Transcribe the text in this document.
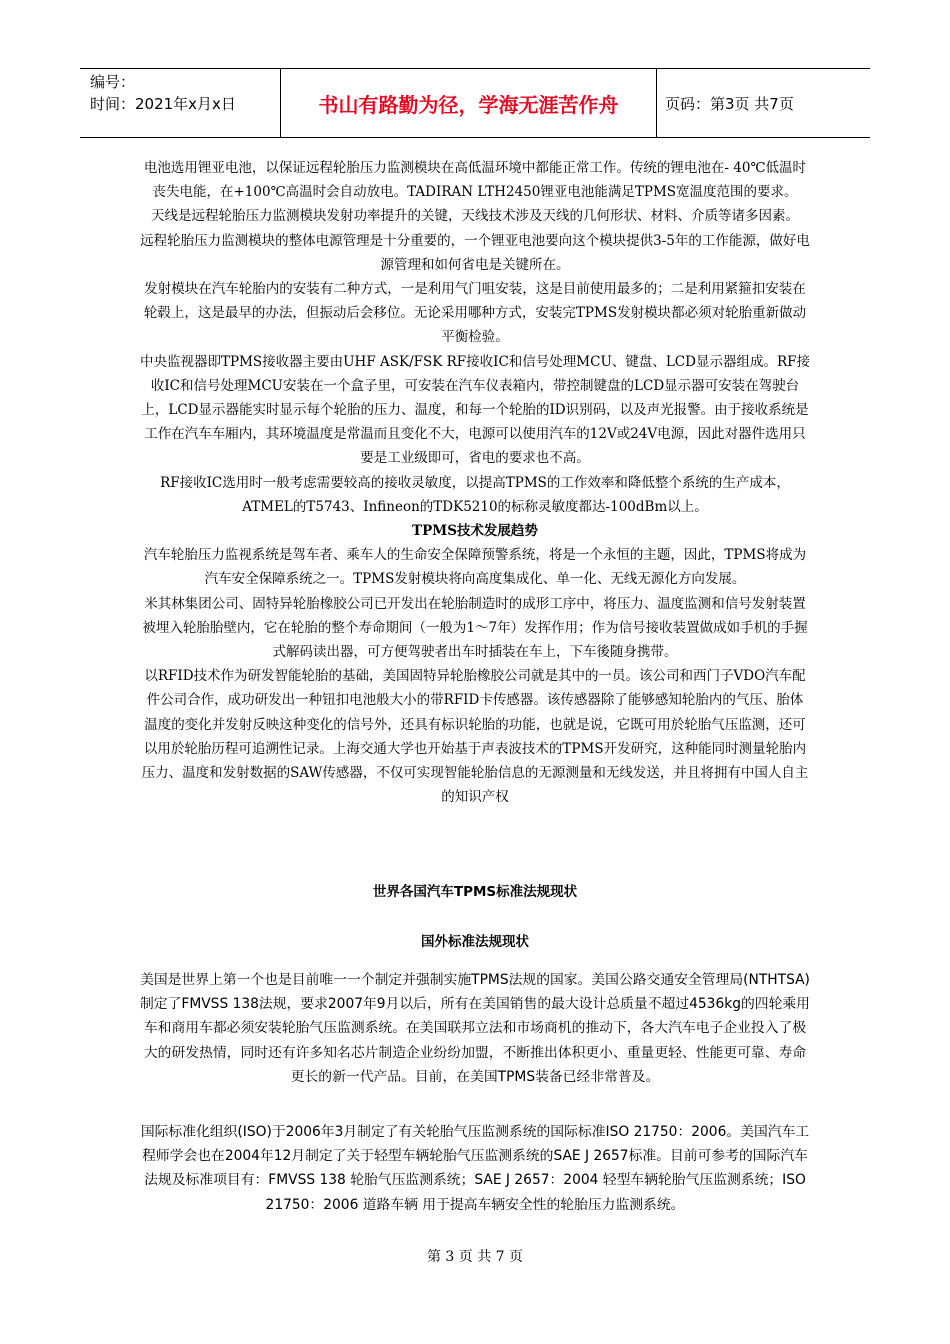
编号：
时间：2021年x月x日	书山有路勤为径，学海无涯苦作舟	页码：第3页 共7页

电池选用锂亚电池，以保证远程轮胎压力监测模块在高低温环境中都能正常工作。传统的锂电池在- 40℃低温时丧失电能，在+100℃高温时会自动放电。TADIRAN LTH2450锂亚电池能满足TPMS宽温度范围的要求。

天线是远程轮胎压力监测模块发射功率提升的关键，天线技术涉及天线的几何形状、材料、介质等诸多因素。

远程轮胎压力监测模块的整体电源管理是十分重要的，一个锂亚电池要向这个模块提供3-5年的工作能源，做好电源管理和如何省电是关键所在。

发射模块在汽车轮胎内的安装有二种方式，一是利用气门咀安装，这是目前使用最多的；二是利用紧箍扣安装在轮毂上，这是最早的办法，但振动后会移位。无论采用哪种方式，安装完TPMS发射模块都必须对轮胎重新做动平衡检验。

中央监视器即TPMS接收器主要由UHF ASK/FSK RF接收IC和信号处理MCU、键盘、LCD显示器组成。RF接收IC和信号处理MCU安装在一个盒子里，可安装在汽车仪表箱内，带控制键盘的LCD显示器可安装在驾驶台上，LCD显示器能实时显示每个轮胎的压力、温度，和每一个轮胎的ID识别码，以及声光报警。由于接收系统是工作在汽车车厢内，其环境温度是常温而且变化不大，电源可以使用汽车的12V或24V电源，因此对器件选用只要是工业级即可，省电的要求也不高。

RF接收IC选用时一般考虑需要较高的接收灵敏度，以提高TPMS的工作效率和降低整个系统的生产成本，ATMEL的T5743、Infineon的TDK5210的标称灵敏度都达-100dBm以上。

TPMS技术发展趋势

汽车轮胎压力监视系统是驾车者、乘车人的生命安全保障预警系统，将是一个永恒的主题，因此，TPMS将成为汽车安全保障系统之一。TPMS发射模块将向高度集成化、单一化、无线无源化方向发展。

米其林集团公司、固特异轮胎橡胶公司已开发出在轮胎制造时的成形工序中，将压力、温度监测和信号发射装置被埋入轮胎胎壁内，它在轮胎的整个寿命期间（一般为1～7年）发挥作用；作为信号接收装置做成如手机的手握式解码读出器，可方便驾驶者出车时插装在车上，下车後随身携带。

以RFID技术作为研发智能轮胎的基础，美国固特异轮胎橡胶公司就是其中的一员。该公司和西门子VDO汽车配件公司合作，成功研发出一种钮扣电池般大小的带RFID卡传感器。该传感器除了能够感知轮胎内的气压、胎体温度的变化并发射反映这种变化的信号外，还具有标识轮胎的功能，也就是说，它既可用於轮胎气压监测，还可以用於轮胎历程可追溯性记录。上海交通大学也开始基于声表波技术的TPMS开发研究，这种能同时测量轮胎内压力、温度和发射数据的SAW传感器，不仅可实现智能轮胎信息的无源测量和无线发送，并且将拥有中国人自主的知识产权

世界各国汽车TPMS标准法规现状
国外标准法规现状

美国是世界上第一个也是目前唯一一个制定并强制实施TPMS法规的国家。美国公路交通安全管理局(NTHTSA)制定了FMVSS 138法规，要求2007年9月以后，所有在美国销售的最大设计总质量不超过4536kg的四轮乘用车和商用车都必须安装轮胎气压监测系统。在美国联邦立法和市场商机的推动下，各大汽车电子企业投入了极大的研发热情，同时还有许多知名芯片制造企业纷纷加盟，不断推出体积更小、重量更轻、性能更可靠、寿命更长的新一代产品。目前，在美国TPMS装备已经非常普及。

国际标准化组织(ISO)于2006年3月制定了有关轮胎气压监测系统的国际标准ISO 21750：2006。美国汽车工程师学会也在2004年12月制定了关于轻型车辆轮胎气压监测系统的SAE J 2657标准。目前可参考的国际汽车法规及标准项目有：FMVSS 138 轮胎气压监测系统；SAE J 2657：2004 轻型车辆轮胎气压监测系统；ISO 21750：2006 道路车辆 用于提高车辆安全性的轮胎压力监测系统。

第 3 页 共 7 页
